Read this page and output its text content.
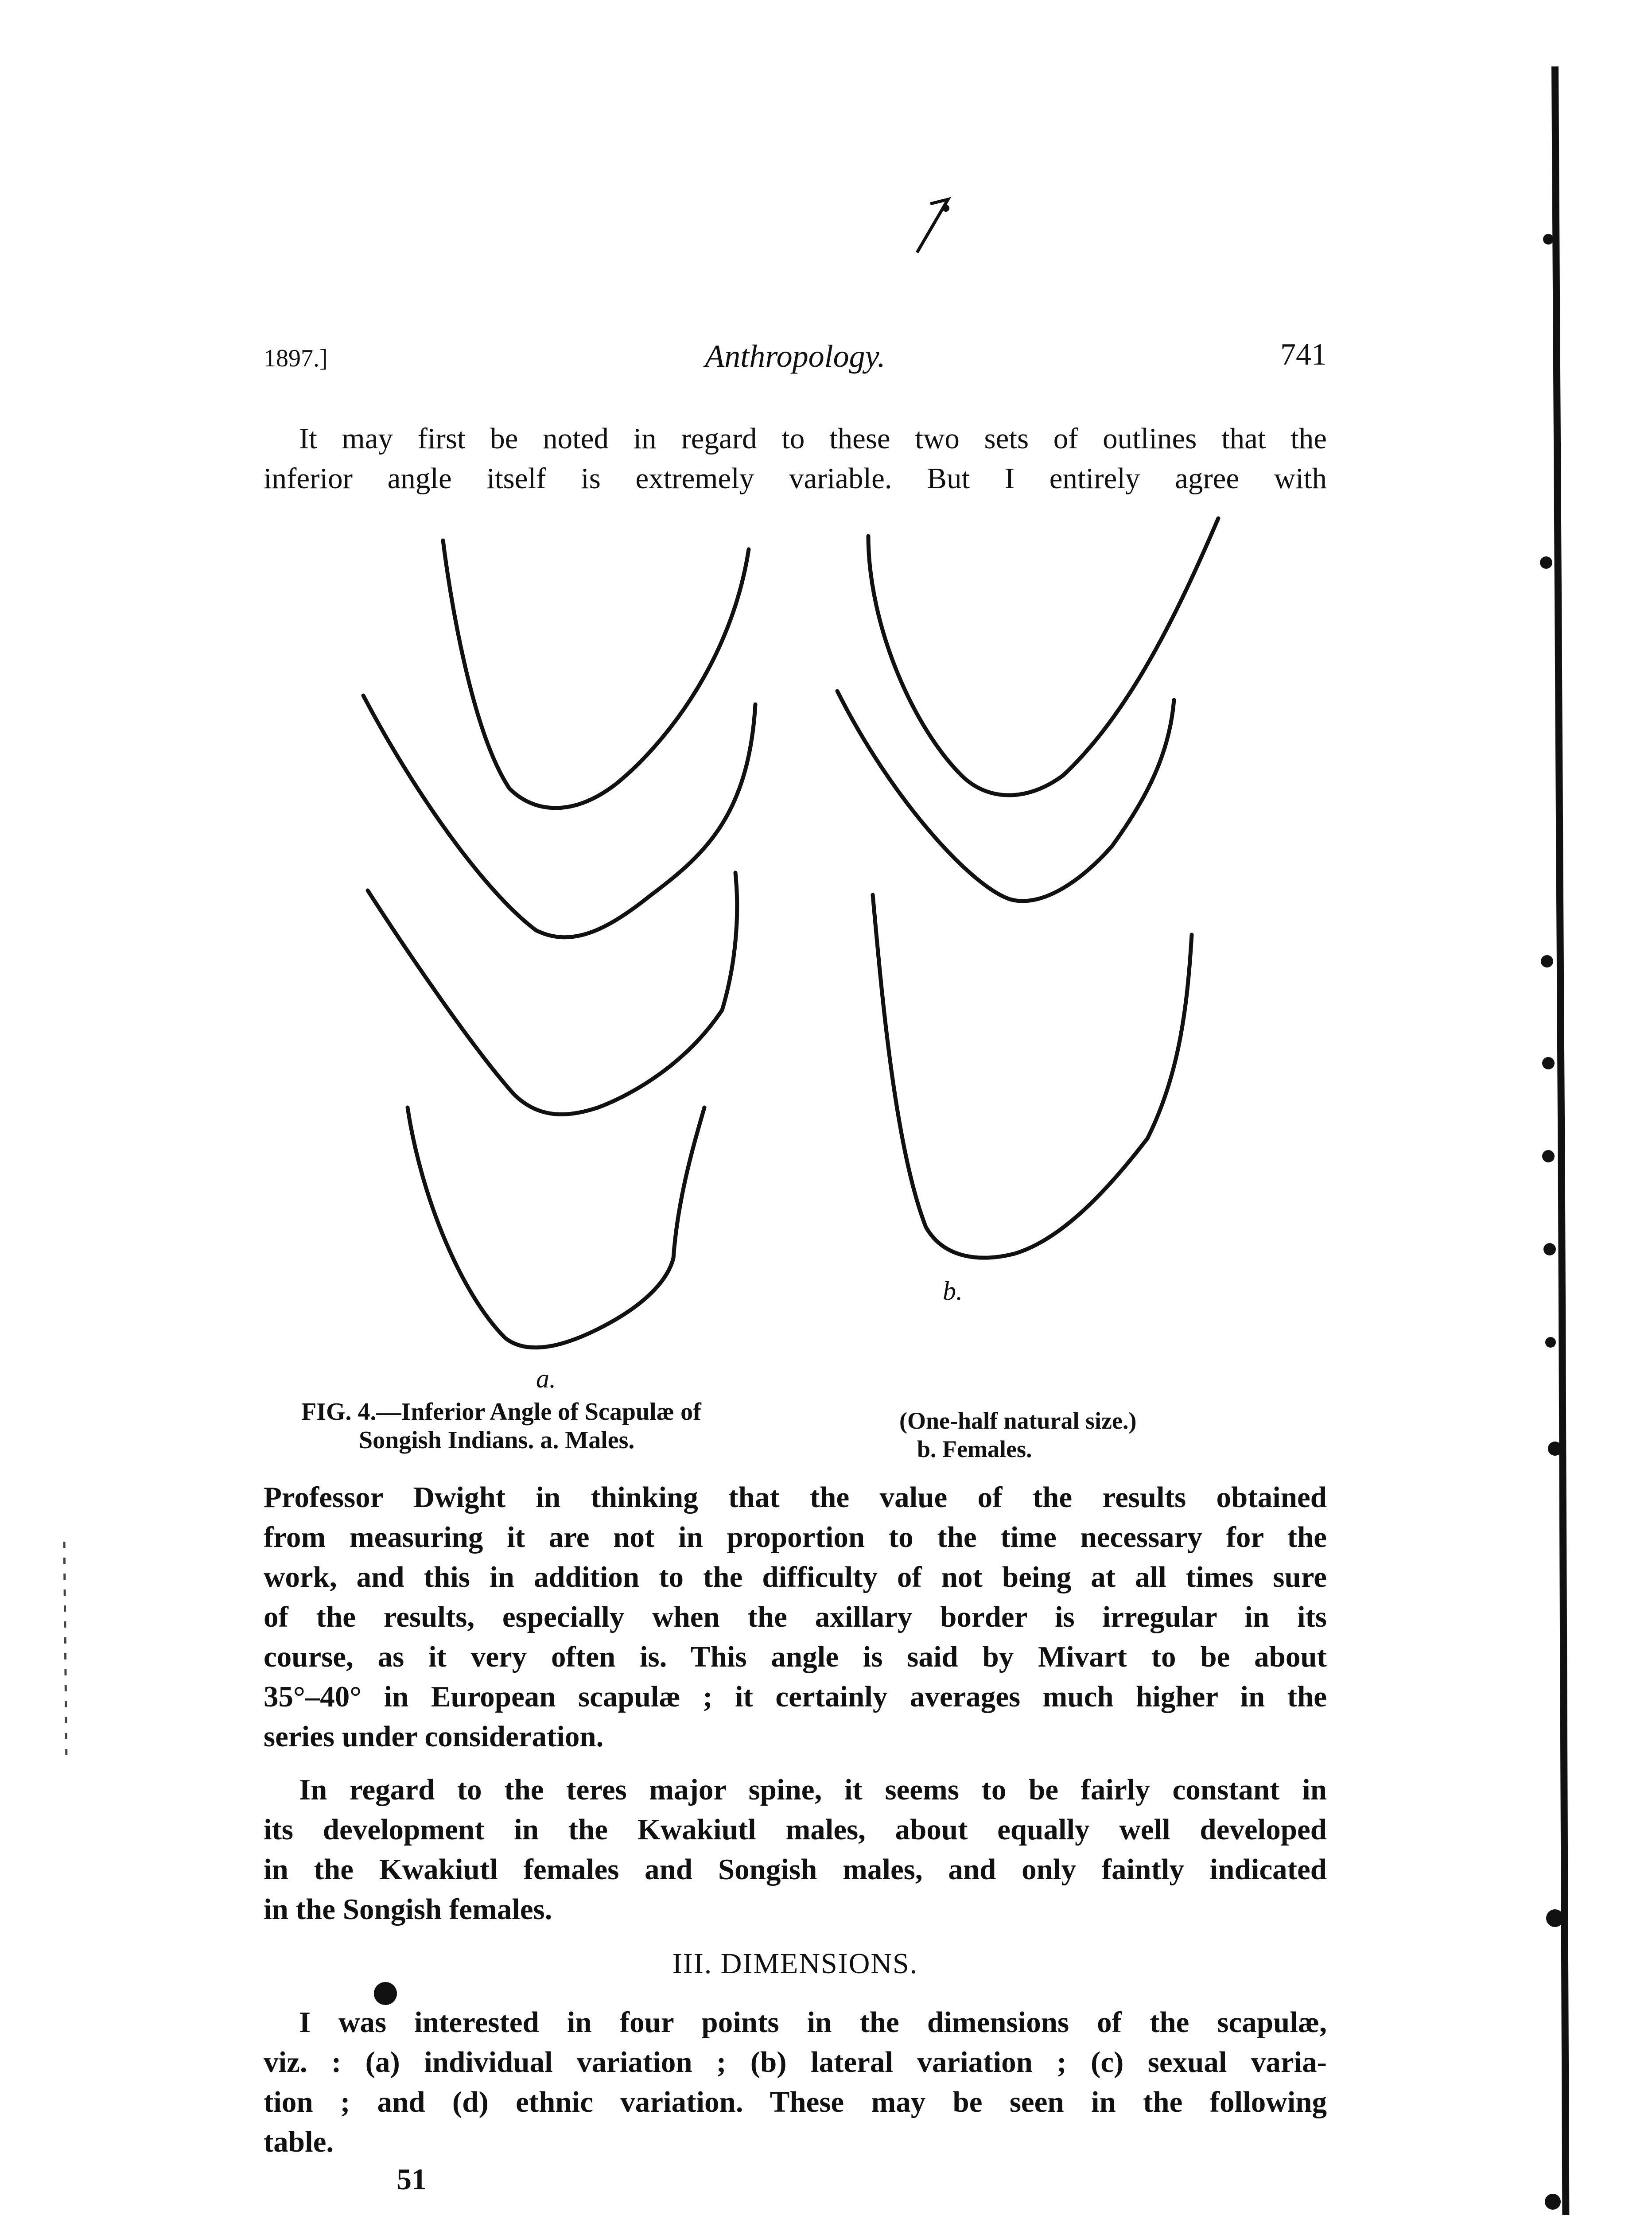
1897.]	Anthropology.	741
It may first be noted in regard to these two sets of outlines that the
inferior angle itself is extremely variable. But I entirely agree with
a.
b.
FIG. 4.—Inferior Angle of Scapulæ of
Songish Indians. a. Males.
(One-half natural size.)
b. Females.
Professor Dwight in thinking that the value of the results obtained
from measuring it are not in proportion to the time necessary for the
work, and this in addition to the difficulty of not being at all times sure
of the results, especially when the axillary border is irregular in its
course, as it very often is. This angle is said by Mivart to be about
35°–40° in European scapulæ ; it certainly averages much higher in the
series under consideration.
In regard to the teres major spine, it seems to be fairly constant in
its development in the Kwakiutl males, about equally well developed
in the Kwakiutl females and Songish males, and only faintly indicated
in the Songish females.
III. DIMENSIONS.
I was interested in four points in the dimensions of the scapulæ,
viz. : (a) individual variation ; (b) lateral variation ; (c) sexual varia-
tion ; and (d) ethnic variation. These may be seen in the following
table.
51
